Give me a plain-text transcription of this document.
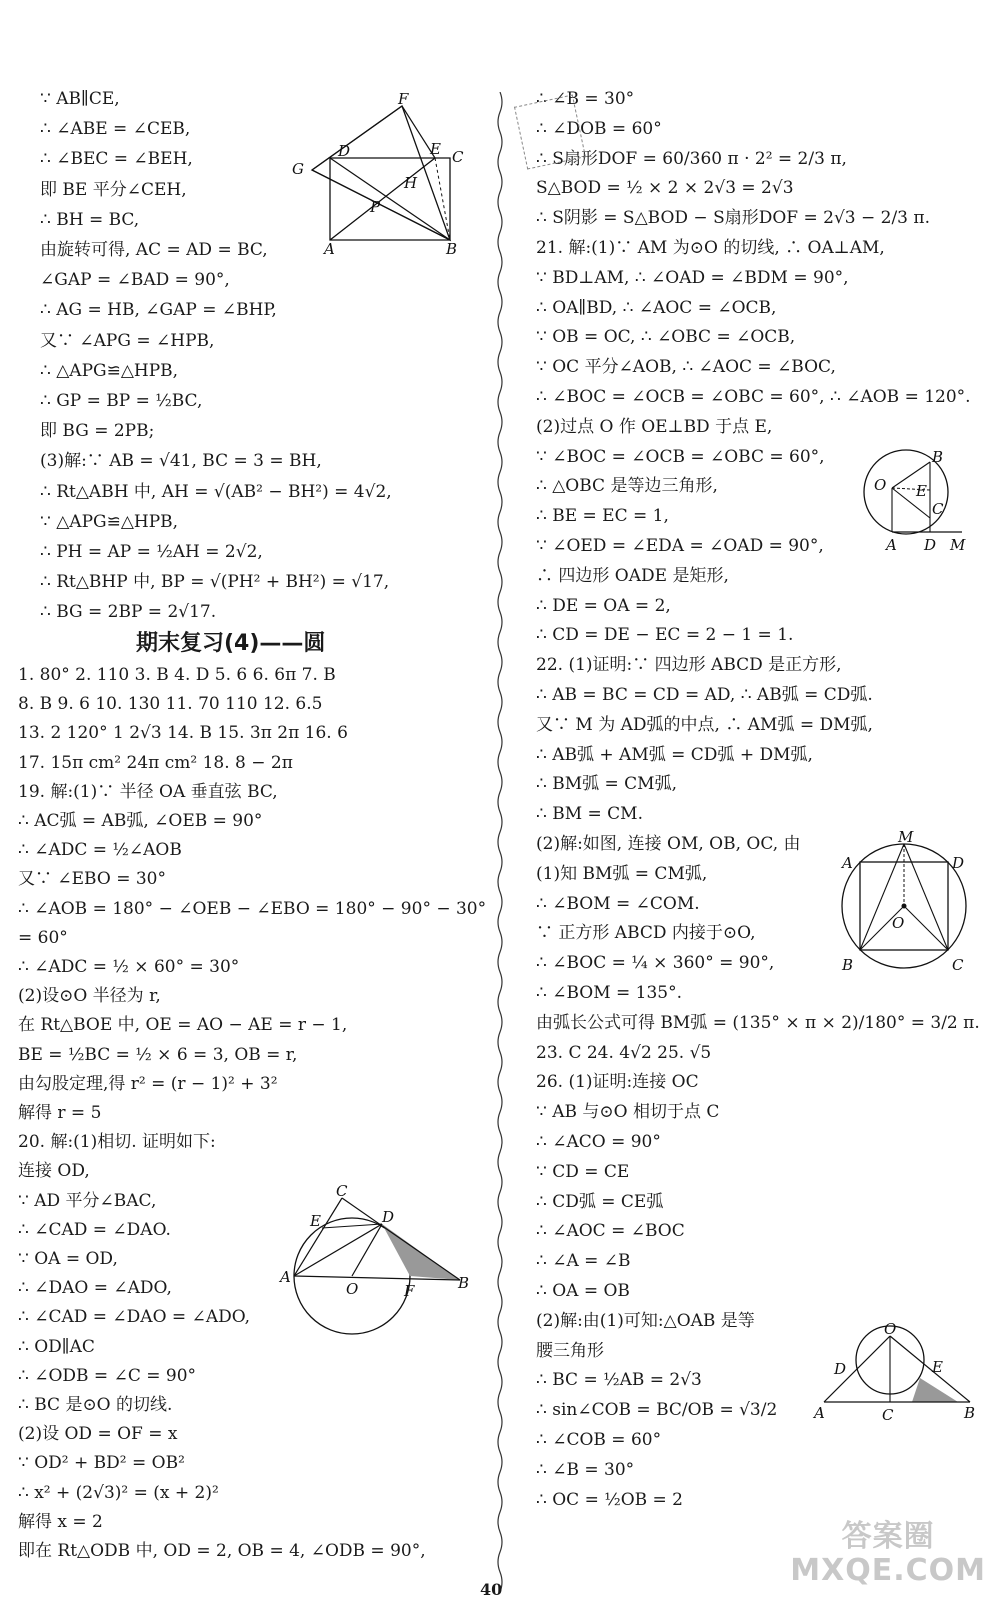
∵ AB∥CE,
∴ ∠ABE = ∠CEB,
∴ ∠BEC = ∠BEH,
即 BE 平分∠CEH,
∴ BH = BC,
由旋转可得, AC = AD = BC,
∠GAP = ∠BAD = 90°,
∴ AG = HB, ∠GAP = ∠BHP,
又∵ ∠APG = ∠HPB,
∴ △APG≌△HPB,
∴ GP = BP = ½BC,
即 BG = 2PB;
(3)解:∵ AB = √41, BC = 3 = BH,
∴ Rt△ABH 中, AH = √(AB² − BH²) = 4√2,
∵ △APG≌△HPB,
∴ PH = AP = ½AH = 2√2,
∴ Rt△BHP 中, BP = √(PH² + BH²) = √17,
∴ BG = 2BP = 2√17.
1. 80° 2. 110 3. B 4. D 5. 6 6. 6π 7. B
8. B 9. 6 10. 130 11. 70 110 12. 6.5
13. 2 120° 1 2√3 14. B 15. 3π 2π 16. 6
17. 15π cm² 24π cm² 18. 8 − 2π
19. 解:(1)∵ 半径 OA 垂直弦 BC,
∴ AC弧 = AB弧, ∠OEB = 90°
∴ ∠ADC = ½∠AOB
又∵ ∠EBO = 30°
∴ ∠AOB = 180° − ∠OEB − ∠EBO = 180° − 90° − 30°
= 60°
∴ ∠ADC = ½ × 60° = 30°
(2)设⊙O 半径为 r,
在 Rt△BOE 中, OE = AO − AE = r − 1,
BE = ½BC = ½ × 6 = 3, OB = r,
由勾股定理,得 r² = (r − 1)² + 3²
解得 r = 5
20. 解:(1)相切. 证明如下:
连接 OD,
∵ AD 平分∠BAC,
∴ ∠CAD = ∠DAO.
∵ OA = OD,
∴ ∠DAO = ∠ADO,
∴ ∠CAD = ∠DAO = ∠ADO,
∴ OD∥AC
∴ ∠ODB = ∠C = 90°
∴ BC 是⊙O 的切线.
(2)设 OD = OF = x
∵ OD² + BD² = OB²
∴ x² + (2√3)² = (x + 2)²
解得 x = 2
即在 Rt△ODB 中, OD = 2, OB = 4, ∠ODB = 90°,
期末复习(4)——圆
∴ ∠B = 30°
∴ ∠DOB = 60°
∴ S扇形DOF = 60/360 π · 2² = 2/3 π,
S△BOD = ½ × 2 × 2√3 = 2√3
∴ S阴影 = S△BOD − S扇形DOF = 2√3 − 2/3 π.
21. 解:(1)∵ AM 为⊙O 的切线, ∴ OA⊥AM,
∵ BD⊥AM, ∴ ∠OAD = ∠BDM = 90°,
∴ OA∥BD, ∴ ∠AOC = ∠OCB,
∵ OB = OC, ∴ ∠OBC = ∠OCB,
∵ OC 平分∠AOB, ∴ ∠AOC = ∠BOC,
∴ ∠BOC = ∠OCB = ∠OBC = 60°, ∴ ∠AOB = 120°.
(2)过点 O 作 OE⊥BD 于点 E,
∵ ∠BOC = ∠OCB = ∠OBC = 60°,
∴ △OBC 是等边三角形,
∴ BE = EC = 1,
∵ ∠OED = ∠EDA = ∠OAD = 90°,
∴ 四边形 OADE 是矩形,
∴ DE = OA = 2,
∴ CD = DE − EC = 2 − 1 = 1.
22. (1)证明:∵ 四边形 ABCD 是正方形,
∴ AB = BC = CD = AD, ∴ AB弧 = CD弧.
又∵ M 为 AD弧的中点, ∴ AM弧 = DM弧,
∴ AB弧 + AM弧 = CD弧 + DM弧,
∴ BM弧 = CM弧,
∴ BM = CM.
(2)解:如图, 连接 OM, OB, OC, 由
(1)知 BM弧 = CM弧,
∴ ∠BOM = ∠COM.
∵ 正方形 ABCD 内接于⊙O,
∴ ∠BOC = ¼ × 360° = 90°,
∴ ∠BOM = 135°.
由弧长公式可得 BM弧 = (135° × π × 2)/180° = 3/2 π.
23. C 24. 4√2 25. √5
26. (1)证明:连接 OC
∵ AB 与⊙O 相切于点 C
∴ ∠ACO = 90°
∵ CD = CE
∴ CD弧 = CE弧
∴ ∠AOC = ∠BOC
∴ ∠A = ∠B
∴ OA = OB
(2)解:由(1)可知:△OAB 是等
腰三角形
∴ BC = ½AB = 2√3
∴ sin∠COB = BC/OB = √3/2
∴ ∠COB = 60°
∴ ∠B = 30°
∴ OC = ½OB = 2
F
G
D	E C
H
P
A	B
O
B
E
C
A D M
M
A	D
O
B	C
C
E	D
A
O	F	B
O
D	E
A	C	B
40
答案圈
MXQE.COM
